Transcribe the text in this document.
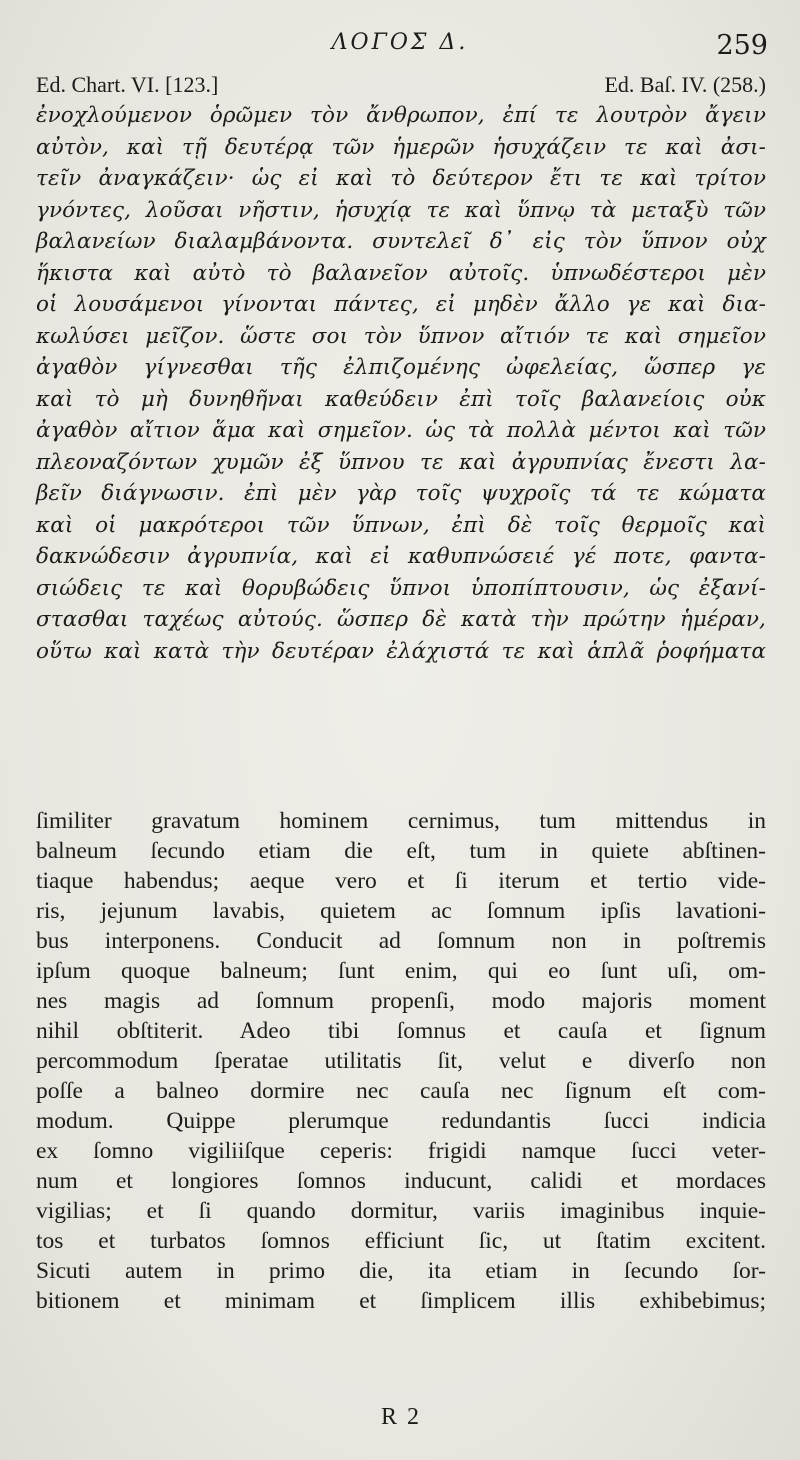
ΛΟΓΟΣ Δ.	259
Ed. Chart. VI. [123.]	Ed. Baſ. IV. (258.)
ἐνοχλούμενον ὁρῶμεν τὸν ἄνθρωπον, ἐπί τε λουτρὸν ἄγειν
αὐτὸν, καὶ τῇ δευτέρᾳ τῶν ἡμερῶν ἡσυχάζειν τε καὶ ἀσι-
τεῖν ἀναγκάζειν· ὡς εἰ καὶ τὸ δεύτερον ἔτι τε καὶ τρίτον
γνόντες, λοῦσαι νῆστιν, ἡσυχίᾳ τε καὶ ὕπνῳ τὰ μεταξὺ τῶν
βαλανείων διαλαμβάνοντα. συντελεῖ δ᾽ εἰς τὸν ὕπνον οὐχ
ἥκιστα καὶ αὐτὸ τὸ βαλανεῖον αὐτοῖς. ὑπνωδέστεροι μὲν
οἱ λουσάμενοι γίνονται πάντες, εἰ μηδὲν ἄλλο γε καὶ δια-
κωλύσει μεῖζον. ὥστε σοι τὸν ὕπνον αἴτιόν τε καὶ σημεῖον
ἀγαθὸν γίγνεσθαι τῆς ἐλπιζομένης ὠφελείας, ὥσπερ γε
καὶ τὸ μὴ δυνηθῆναι καθεύδειν ἐπὶ τοῖς βαλανείοις οὐκ
ἀγαθὸν αἴτιον ἅμα καὶ σημεῖον. ὡς τὰ πολλὰ μέντοι καὶ τῶν
πλεοναζόντων χυμῶν ἐξ ὕπνου τε καὶ ἀγρυπνίας ἔνεστι λα-
βεῖν διάγνωσιν. ἐπὶ μὲν γὰρ τοῖς ψυχροῖς τά τε κώματα
καὶ οἱ μακρότεροι τῶν ὕπνων, ἐπὶ δὲ τοῖς θερμοῖς καὶ
δακνώδεσιν ἀγρυπνία, καὶ εἰ καθυπνώσειέ γέ ποτε, φαντα-
σιώδεις τε καὶ θορυβώδεις ὕπνοι ὑποπίπτουσιν, ὡς ἐξανί-
στασθαι ταχέως αὐτούς. ὥσπερ δὲ κατὰ τὴν πρώτην ἡμέραν,
οὕτω καὶ κατὰ τὴν δευτέραν ἐλάχιστά τε καὶ ἁπλᾶ ῥοφήματα
ſimiliter gravatum hominem cernimus, tum mittendus in
balneum ſecundo etiam die eſt, tum in quiete abſtinen-
tiaque habendus; aeque vero et ſi iterum et tertio vide-
ris, jejunum lavabis, quietem ac ſomnum ipſis lavationi-
bus interponens. Conducit ad ſomnum non in poſtremis
ipſum quoque balneum; ſunt enim, qui eo ſunt uſi, om-
nes magis ad ſomnum propenſi, modo majoris moment
nihil obſtiterit. Adeo tibi ſomnus et cauſa et ſignum
percommodum ſperatae utilitatis ſit, velut e diverſo non
poſſe a balneo dormire nec cauſa nec ſignum eſt com-
modum. Quippe plerumque redundantis ſucci indicia
ex ſomno vigiliiſque ceperis: frigidi namque ſucci veter-
num et longiores ſomnos inducunt, calidi et mordaces
vigilias; et ſi quando dormitur, variis imaginibus inquie-
tos et turbatos ſomnos efficiunt ſic, ut ſtatim excitent.
Sicuti autem in primo die, ita etiam in ſecundo ſor-
bitionem et minimam et ſimplicem illis exhibebimus;
R 2
